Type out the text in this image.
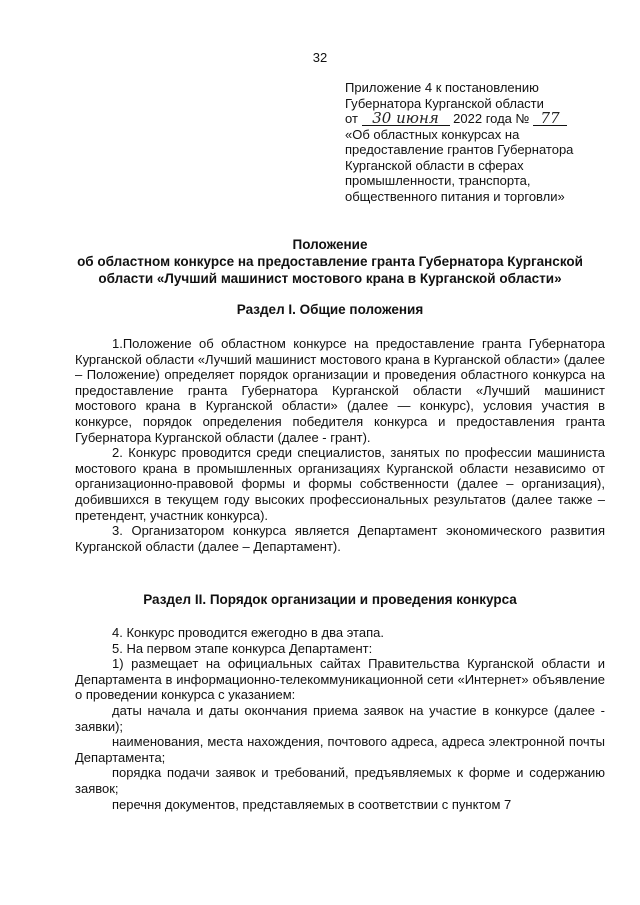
32
Приложение 4 к постановлению
Губернатора Курганской области
от 30 июня 2022 года № 77
«Об областных конкурсах на
предоставление грантов Губернатора
Курганской области в сферах
промышленности, транспорта,
общественного питания и торговли»
Положение
об областном конкурсе на предоставление гранта Губернатора Курганской
области «Лучший машинист мостового крана в Курганской области»
Раздел I. Общие положения

1.Положение об областном конкурсе на предоставление гранта Губернатора Курганской области «Лучший машинист мостового крана в Курганской области» (далее – Положение) определяет порядок организации и проведения областного конкурса на предоставление гранта Губернатора Курганской области «Лучший машинист мостового крана в Курганской области» (далее — конкурс), условия участия в конкурсе, порядок определения победителя конкурса и предоставления гранта Губернатора Курганской области (далее - грант).

2. Конкурс проводится среди специалистов, занятых по профессии машиниста мостового крана в промышленных организациях Курганской области независимо от организационно-правовой формы и формы собственности (далее – организация), добившихся в текущем году высоких профессиональных результатов (далее также – претендент, участник конкурса).

3. Организатором конкурса является Департамент экономического развития Курганской области (далее – Департамент).

Раздел II. Порядок организации и проведения конкурса

4. Конкурс проводится ежегодно в два этапа.

5. На первом этапе конкурса Департамент:

1) размещает на официальных сайтах Правительства Курганской области и Департамента в информационно-телекоммуникационной сети «Интернет» объявление о проведении конкурса с указанием:

даты начала и даты окончания приема заявок на участие в конкурсе (далее - заявки);

наименования, места нахождения, почтового адреса, адреса электронной почты Департамента;

порядка подачи заявок и требований, предъявляемых к форме и содержанию заявок;

перечня документов, представляемых в соответствии с пунктом 7
